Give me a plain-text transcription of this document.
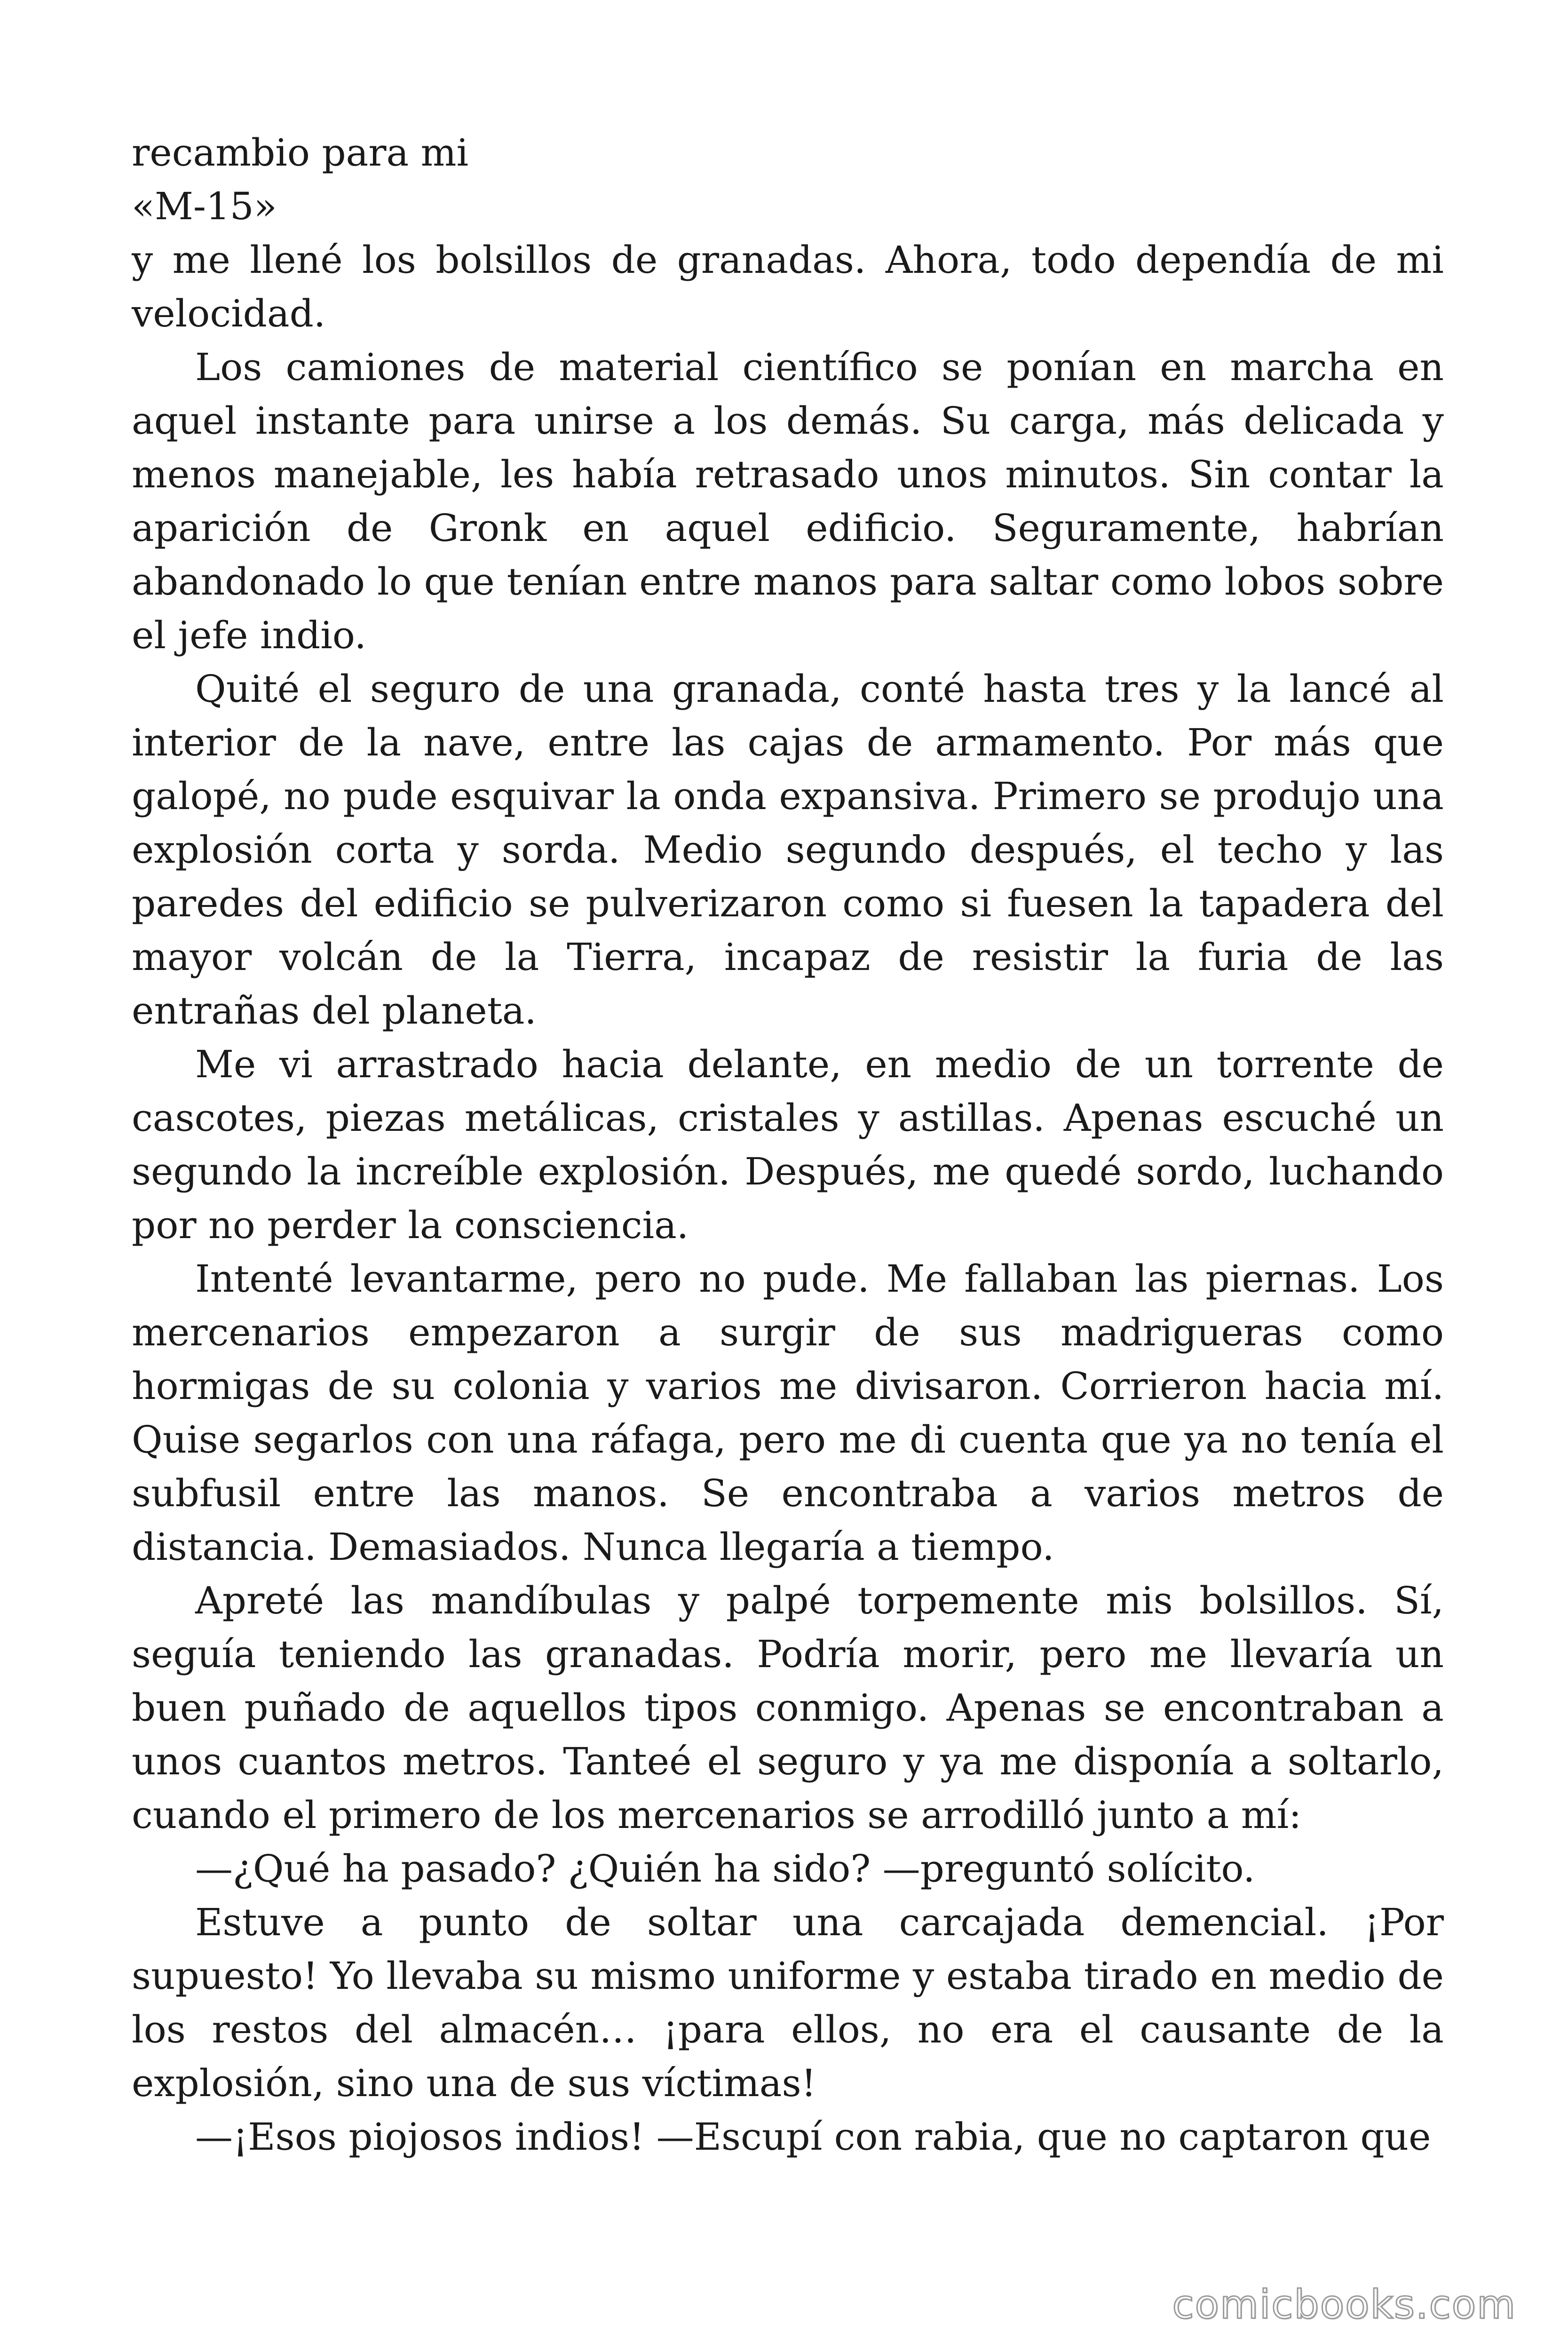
recambio para mi

«M-15»

y me llené los bolsillos de granadas. Ahora, todo dependía de mi velocidad.

Los camiones de material científico se ponían en marcha en aquel instante para unirse a los demás. Su carga, más delicada y menos manejable, les había retrasado unos minutos. Sin contar la aparición de Gronk en aquel edificio. Seguramente, habrían abandonado lo que tenían entre manos para saltar como lobos sobre el jefe indio.

Quité el seguro de una granada, conté hasta tres y la lancé al interior de la nave, entre las cajas de armamento. Por más que galopé, no pude esquivar la onda expansiva. Primero se produjo una explosión corta y sorda. Medio segundo después, el techo y las paredes del edificio se pulverizaron como si fuesen la tapadera del mayor volcán de la Tierra, incapaz de resistir la furia de las entrañas del planeta.

Me vi arrastrado hacia delante, en medio de un torrente de cascotes, piezas metálicas, cristales y astillas. Apenas escuché un segundo la increíble explosión. Después, me quedé sordo, luchando por no perder la consciencia.

Intenté levantarme, pero no pude. Me fallaban las piernas. Los mercenarios empezaron a surgir de sus madrigueras como hormigas de su colonia y varios me divisaron. Corrieron hacia mí. Quise segarlos con una ráfaga, pero me di cuenta que ya no tenía el subfusil entre las manos. Se encontraba a varios metros de distancia. Demasiados. Nunca llegaría a tiempo.

Apreté las mandíbulas y palpé torpemente mis bolsillos. Sí, seguía teniendo las granadas. Podría morir, pero me llevaría un buen puñado de aquellos tipos conmigo. Apenas se encontraban a unos cuantos metros. Tanteé el seguro y ya me disponía a soltarlo, cuando el primero de los mercenarios se arrodilló junto a mí:

—¿Qué ha pasado? ¿Quién ha sido? —preguntó solícito.

Estuve a punto de soltar una carcajada demencial. ¡Por supuesto! Yo llevaba su mismo uniforme y estaba tirado en medio de los restos del almacén… ¡para ellos, no era el causante de la explosión, sino una de sus víctimas!

—¡Esos piojosos indios! —Escupí con rabia, que no captaron que

comicbooks.com
